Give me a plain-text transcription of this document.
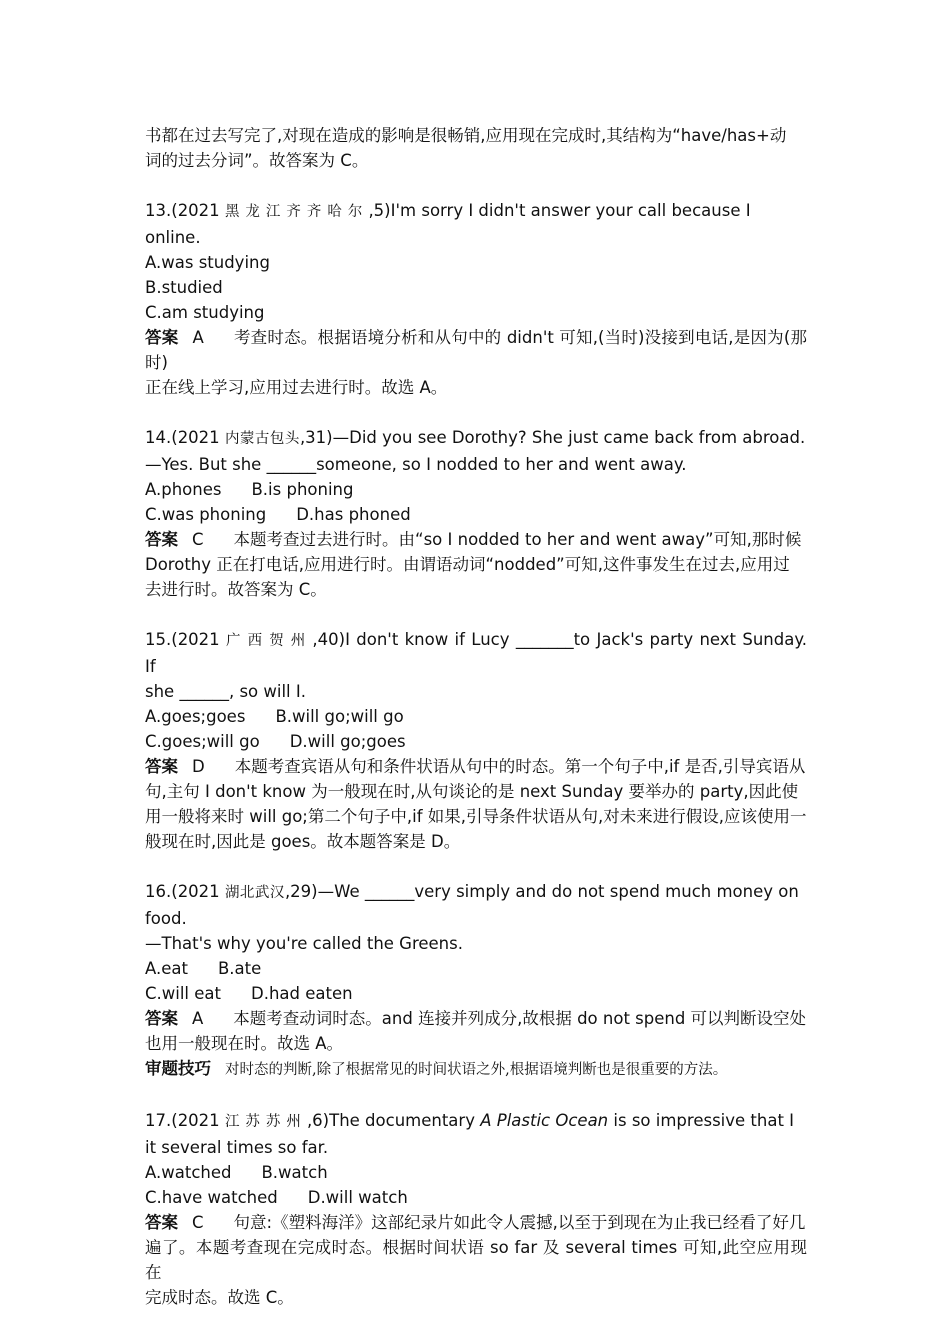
书都在过去写完了,对现在造成的影响是很畅销,应用现在完成时,其结构为“have/has+动

词的过去分词”。故答案为 C。

13.(2021 黑龙江齐齐哈尔,5)I'm sorry I didn't answer your call because I

online.

A.was studying

B.studied

C.am studying

答案 A 考查时态。根据语境分析和从句中的 didn't 可知,(当时)没接到电话,是因为(那时)

正在线上学习,应用过去进行时。故选 A。

14.(2021 内蒙古包头,31)—Did you see Dorothy? She just came back from abroad.

—Yes. But she ______someone, so I nodded to her and went away.

A.phones B.is phoning

C.was phoning D.has phoned

答案 C 本题考查过去进行时。由“so I nodded to her and went away”可知,那时候

Dorothy 正在打电话,应用进行时。由谓语动词“nodded”可知,这件事发生在过去,应用过

去进行时。故答案为 C。

15.(2021 广西贺州,40)I don't know if Lucy _______to Jack's party next Sunday. If

she ______, so will I.

A.goes;goes B.will go;will go

C.goes;will go D.will go;goes

答案 D 本题考查宾语从句和条件状语从句中的时态。第一个句子中,if 是否,引导宾语从

句,主句 I don't know 为一般现在时,从句谈论的是 next Sunday 要举办的 party,因此使

用一般将来时 will go;第二个句子中,if 如果,引导条件状语从句,对未来进行假设,应该使用一

般现在时,因此是 goes。故本题答案是 D。

16.(2021 湖北武汉,29)—We ______very simply and do not spend much money on

food.

—That's why you're called the Greens.

A.eat B.ate

C.will eat D.had eaten

答案 A 本题考查动词时态。and 连接并列成分,故根据 do not spend 可以判断设空处

也用一般现在时。故选 A。

审题技巧 对时态的判断,除了根据常见的时间状语之外,根据语境判断也是很重要的方法。

17.(2021 江苏苏州,6)The documentary A Plastic Ocean is so impressive that I

it several times so far.

A.watched B.watch

C.have watched D.will watch

答案 C 句意:《塑料海洋》这部纪录片如此令人震撼,以至于到现在为止我已经看了好几

遍了。本题考查现在完成时态。根据时间状语 so far 及 several times 可知,此空应用现在

完成时态。故选 C。
